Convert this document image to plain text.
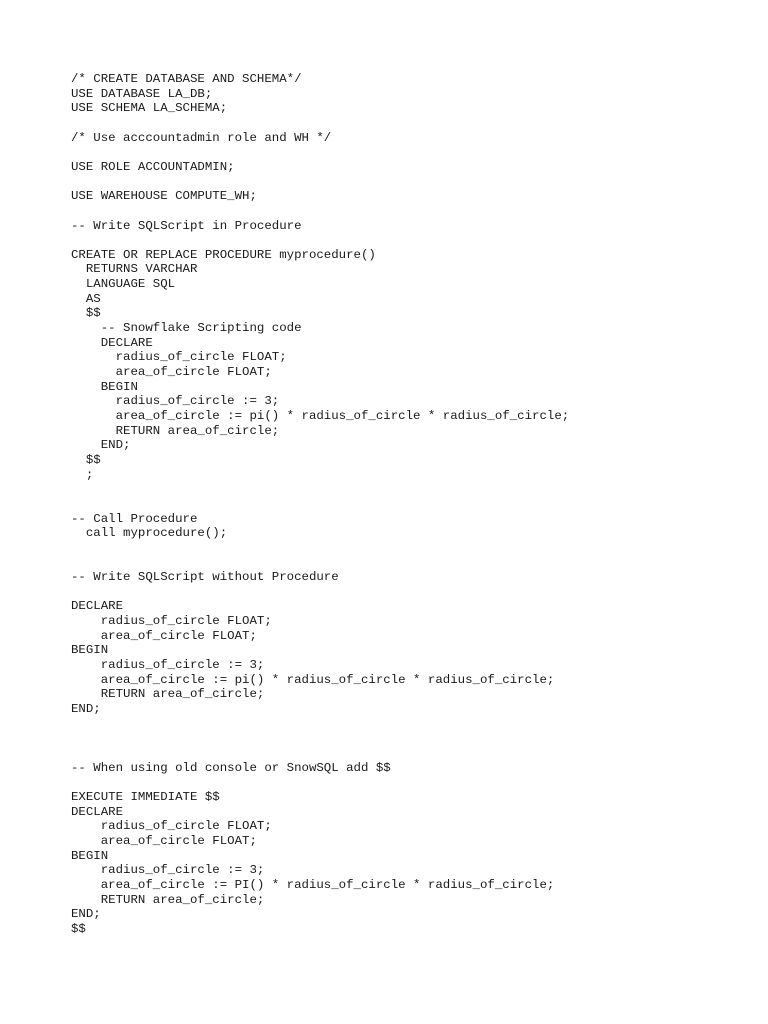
/* CREATE DATABASE AND SCHEMA*/
USE DATABASE LA_DB;
USE SCHEMA LA_SCHEMA;
/* Use acccountadmin role and WH */
USE ROLE ACCOUNTADMIN;
USE WAREHOUSE COMPUTE_WH;
-- Write SQLScript in Procedure
CREATE OR REPLACE PROCEDURE myprocedure()
RETURNS VARCHAR
LANGUAGE SQL
AS
$$
-- Snowflake Scripting code
DECLARE
radius_of_circle FLOAT;
area_of_circle FLOAT;
BEGIN
radius_of_circle := 3;
area_of_circle := pi() * radius_of_circle * radius_of_circle;
RETURN area_of_circle;
END;
$$
;
-- Call Procedure
call myprocedure();
-- Write SQLScript without Procedure
DECLARE
radius_of_circle FLOAT;
area_of_circle FLOAT;
BEGIN
radius_of_circle := 3;
area_of_circle := pi() * radius_of_circle * radius_of_circle;
RETURN area_of_circle;
END;
-- When using old console or SnowSQL add $$
EXECUTE IMMEDIATE $$
DECLARE
radius_of_circle FLOAT;
area_of_circle FLOAT;
BEGIN
radius_of_circle := 3;
area_of_circle := PI() * radius_of_circle * radius_of_circle;
RETURN area_of_circle;
END;
$$
